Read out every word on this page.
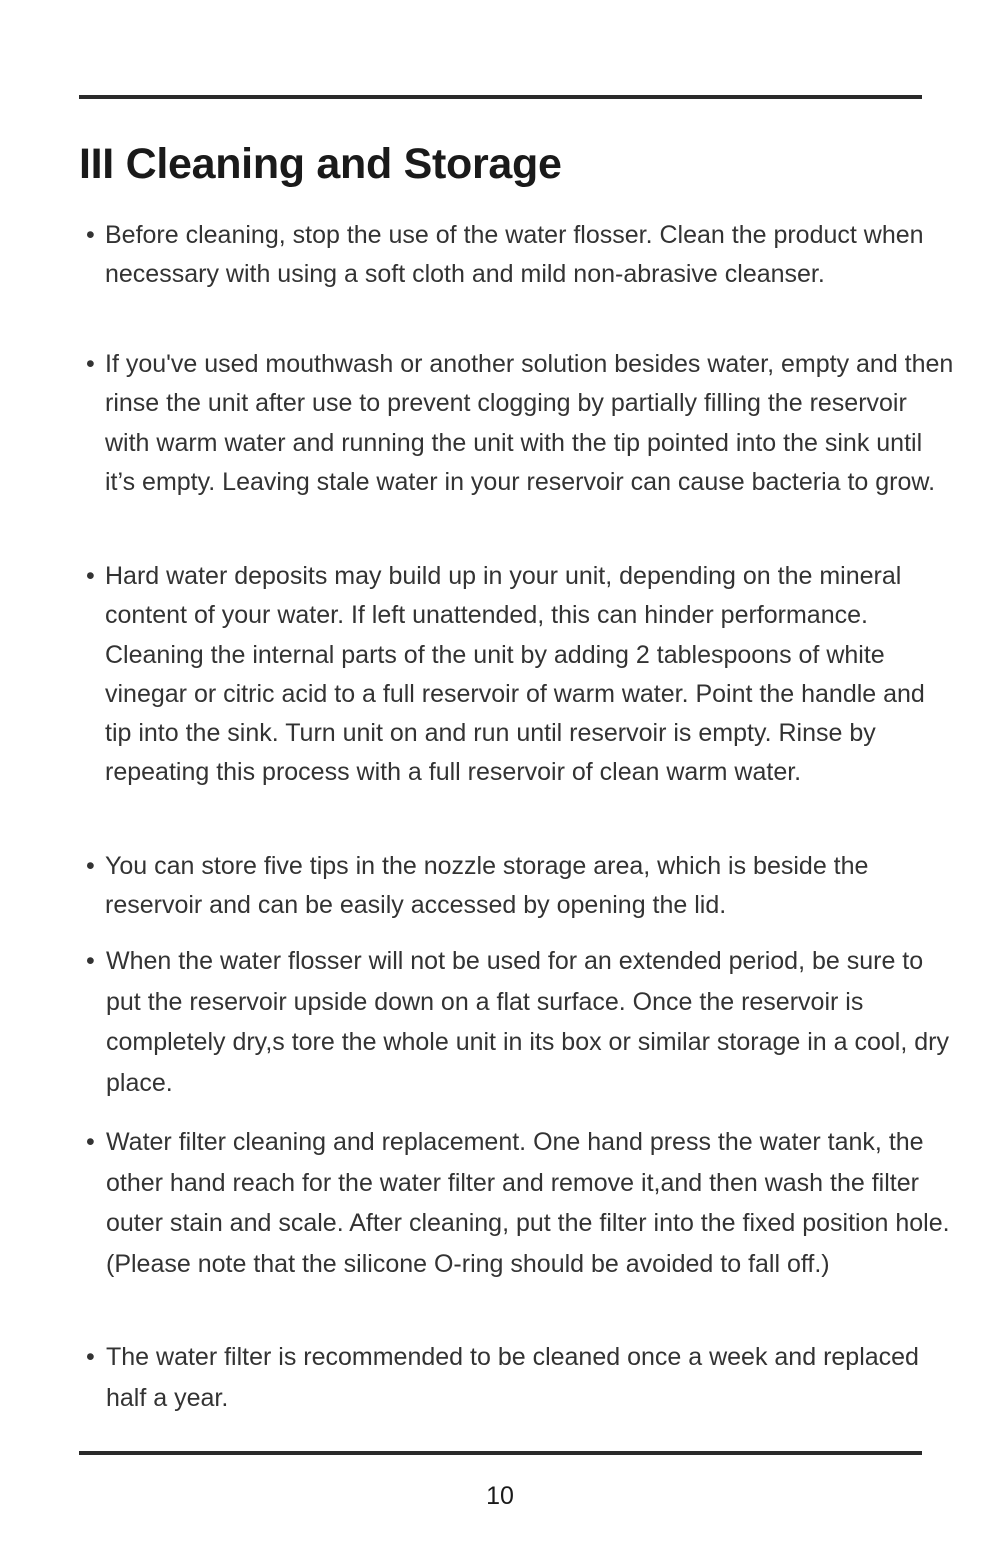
III Cleaning and Storage
• Before cleaning, stop the use of the water flosser. Clean the product when necessary with using a soft cloth and mild non-abrasive cleanser.
• If you've used mouthwash or another solution besides water, empty and then rinse the unit after use to prevent clogging by partially filling the reservoir with warm water and running the unit with the tip pointed into the sink until it’s empty. Leaving stale water in your reservoir can cause bacteria to grow.
• Hard water deposits may build up in your unit, depending on the mineral content of your water. If left unattended, this can hinder performance. Cleaning the internal parts of the unit by adding 2 tablespoons of white vinegar or citric acid to a full reservoir of warm water. Point the handle and tip into the sink. Turn unit on and run until reservoir is empty. Rinse by repeating this process with a full reservoir of clean warm water.
• You can store five tips in the nozzle storage area, which is beside the reservoir and can be easily accessed by opening the lid.
• When the water flosser will not be used for an extended period, be sure to put the reservoir upside down on a flat surface. Once the reservoir is completely dry,s tore the whole unit in its box or similar storage in a cool, dry place.
• Water filter cleaning and replacement. One hand press the water tank, the other hand reach for the water filter and remove it,and then wash the filter outer stain and scale. After cleaning, put the filter into the fixed position hole.(Please note that the silicone O-ring should be avoided to fall off.)
• The water filter is recommended to be cleaned once a week and replaced half a year.
10
